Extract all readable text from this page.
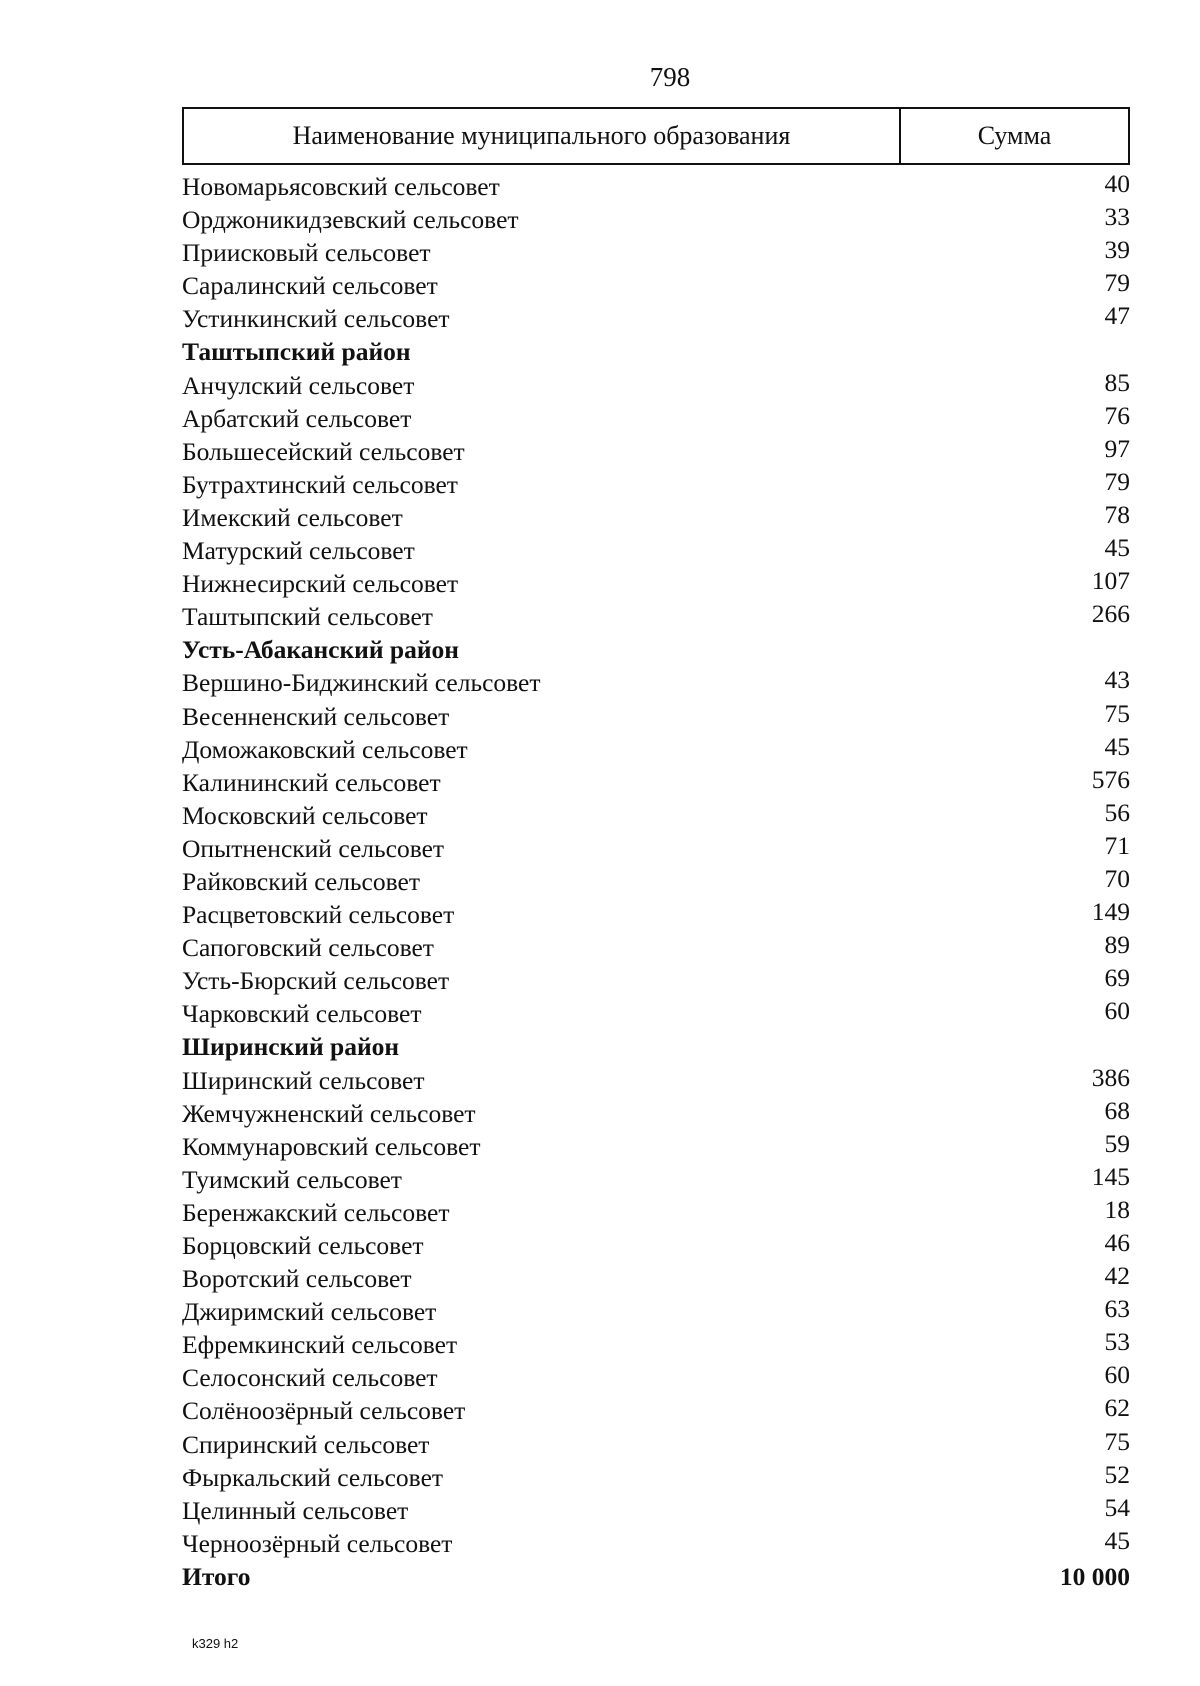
798
Наименование муниципального образования	Сумма
Новомарьясовский сельсовет	40
Орджоникидзевский сельсовет	33
Приисковый сельсовет	39
Саралинский сельсовет	79
Устинкинский сельсовет	47
Таштыпский район
Анчулский сельсовет	85
Арбатский сельсовет	76
Большесейский сельсовет	97
Бутрахтинский сельсовет	79
Имекский сельсовет	78
Матурский сельсовет	45
Нижнесирский сельсовет	107
Таштыпский сельсовет	266
Усть-Абаканский район
Вершино-Биджинский сельсовет	43
Весенненский сельсовет	75
Доможаковский сельсовет	45
Калининский сельсовет	576
Московский сельсовет	56
Опытненский сельсовет	71
Райковский сельсовет	70
Расцветовский сельсовет	149
Сапоговский сельсовет	89
Усть-Бюрский сельсовет	69
Чарковский сельсовет	60
Ширинский район
Ширинский сельсовет	386
Жемчужненский сельсовет	68
Коммунаровский сельсовет	59
Туимский сельсовет	145
Беренжакский сельсовет	18
Борцовский сельсовет	46
Воротский сельсовет	42
Джиримский сельсовет	63
Ефремкинский сельсовет	53
Селосонский сельсовет	60
Солёноозёрный сельсовет	62
Спиринский сельсовет	75
Фыркальский сельсовет	52
Целинный сельсовет	54
Черноозёрный сельсовет	45
Итого	10 000
k329 h2
